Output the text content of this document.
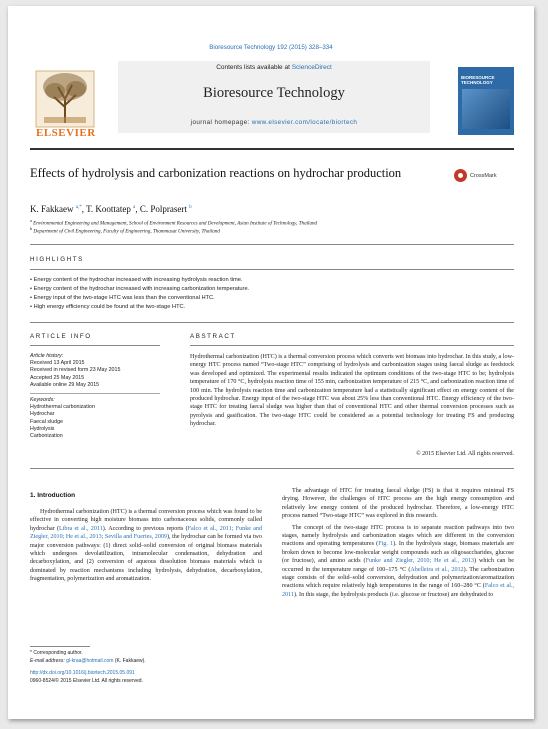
Bioresource Technology 192 (2015) 328–334
ELSEVIER
Contents lists available at ScienceDirect
Bioresource Technology
journal homepage: www.elsevier.com/locate/biortech
BIORESOURCE TECHNOLOGY
Effects of hydrolysis and carbonization reactions on hydrochar production	CrossMark
K. Fakkaew $^{a,*}$, T. Koottatep $^a$, C. Polprasert $^b$
$^a$ Environmental Engineering and Management, School of Environment Resources and Development, Asian Institute of Technology, Thailand
$^b$ Department of Civil Engineering, Faculty of Engineering, Thammasat University, Thailand
HIGHLIGHTS
• Energy content of the hydrochar increased with increasing hydrolysis reaction time.
• Energy content of the hydrochar increased with increasing carbonization temperature.
• Energy input of the two-stage HTC was less than the conventional HTC.
• High energy efficiency could be found at the two-stage HTC.
ARTICLE INFO	ABSTRACT
Article history:
Received 13 April 2015
Received in revised form 23 May 2015
Accepted 25 May 2015
Available online 29 May 2015
Keywords:
Hydrothermal carbonization
Hydrochar
Faecal sludge
Hydrolysis
Carbonization
Hydrothermal carbonization (HTC) is a thermal conversion process which converts wet biomass into hydrochar. In this study, a low-energy HTC process named “Two-stage HTC” comprising of hydrolysis and carbonization stages using faecal sludge as feedstock was developed and optimized. The experimental results indicated the optimum conditions of the two-stage HTC to be; hydrolysis temperature of 170 °C, hydrolysis reaction time of 155 min, carbonization temperature of 215 °C, and carbonization reaction time of 100 min. The hydrolysis reaction time and carbonization temperature had a statistically significant effect on energy content of the produced hydrochar. Energy input of the two-stage HTC was about 25% less than conventional HTC. Energy efficiency of the two-stage HTC for treating faecal sludge was higher than that of conventional HTC and other thermal conversion processes such as pyrolysis and gasification. The two-stage HTC could be considered as a potential technology for treating FS and producing hydrochar.
© 2015 Elsevier Ltd. All rights reserved.
1. Introduction

Hydrothermal carbonization (HTC) is a thermal conversion process which was found to be effective in converting high moisture biomass into carbonaceous solids, commonly called hydrochar (Libra et al., 2011). According to previous reports (Falco et al., 2011; Funke and Ziegler, 2010; He et al., 2013; Sevilla and Fuertes, 2009), the hydrochar can be formed via two major conversion pathways: (1) direct solid–solid conversion of original biomass materials which undergoes devolatilization, intramolecular condensation, dehydration and decarboxylation, and (2) conversion of aqueous dissolution biomass materials which is dominated by reaction mechanisms including hydrolysis, dehydration, decarboxylation, fragmentation, polymerization and aromatization.

The advantage of HTC for treating faecal sludge (FS) is that it requires minimal FS drying. However, the challenges of HTC process are the high energy consumption and relatively low energy content of the produced hydrochar. Therefore, a low-energy HTC process named “Two-stage HTC” was explored in this research.

The concept of the two-stage HTC process is to separate reaction pathways into two stages, namely hydrolysis and carbonization stages which are different in the conversion reactions and operating temperatures (Fig. 1). In the hydrolysis stage, biomass materials are broken down to become low-molecular weight compounds such as oligosaccharides, glucose (or fructose), and amino acids (Funke and Ziegler, 2010; He et al., 2013) which can be occurred in the temperature range of 100–175 °C (Abelleira et al., 2012). The carbonization stage consists of the solid–solid conversion, dehydration and polymerization/aromatization reactions which require relatively high temperatures in the range of 160–280 °C (Falco et al., 2011). In this stage, the hydrolysis products (i.e. glucose or fructose) are dehydrated to

* Corresponding author.
E-mail address: gl-kraa@hotmail.com (K. Fakkaew).
http://dx.doi.org/10.1016/j.biortech.2015.05.091
0960-8524/© 2015 Elsevier Ltd. All rights reserved.
